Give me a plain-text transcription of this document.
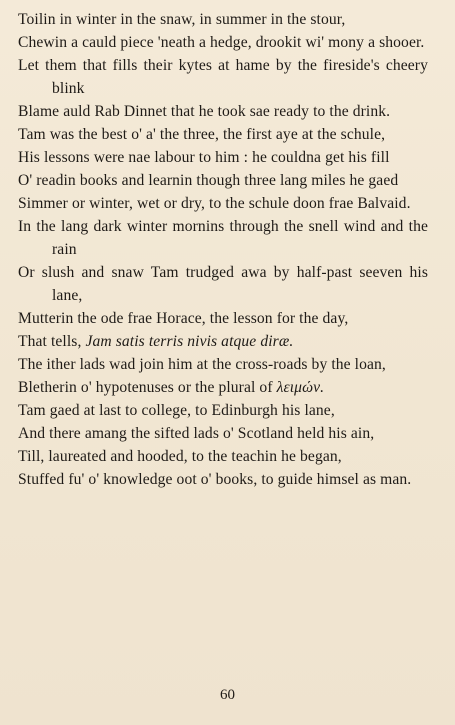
Toilin in winter in the snaw, in summer in the stour,

Chewin a cauld piece 'neath a hedge, drookit wi' mony a shooer.

Let them that fills their kytes at hame by the fireside's cheery blink

Blame auld Rab Dinnet that he took sae ready to the drink.

Tam was the best o' a' the three, the first aye at the schule,

His lessons were nae labour to him : he couldna get his fill

O' readin books and learnin though three lang miles he gaed

Simmer or winter, wet or dry, to the schule doon frae Balvaid.

In the lang dark winter mornins through the snell wind and the rain

Or slush and snaw Tam trudged awa by half-past seeven his lane,

Mutterin the ode frae Horace, the lesson for the day,

That tells, Jam satis terris nivis atque diræ.

The ither lads wad join him at the cross-roads by the loan,

Bletherin o' hypotenuses or the plural of λειμών.

Tam gaed at last to college, to Edinburgh his lane,

And there amang the sifted lads o' Scotland held his ain,

Till, laureated and hooded, to the teachin he began,

Stuffed fu' o' knowledge oot o' books, to guide himsel as man.

60
